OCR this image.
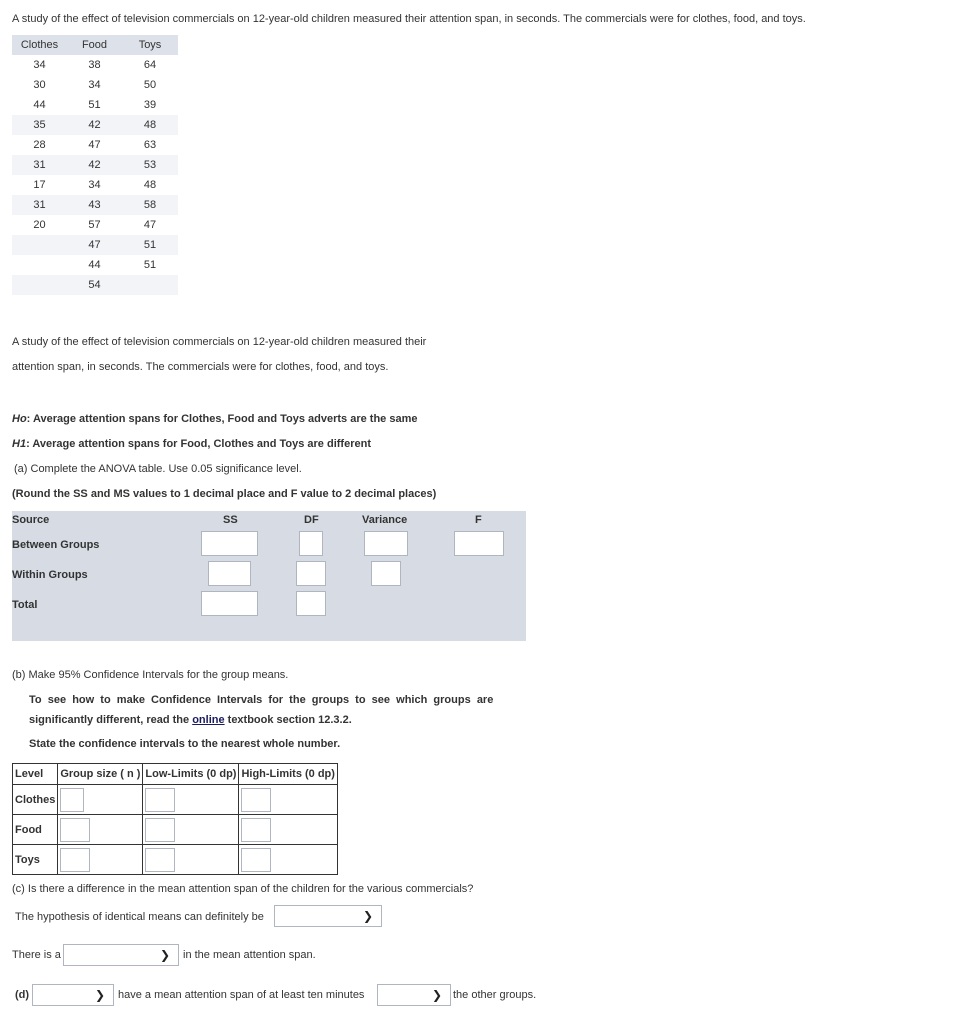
A study of the effect of television commercials on 12-year-old children measured their attention span, in seconds. The commercials were for clothes, food, and toys.
Clothes	Food	Toys
34	38	64
30	34	50
44	51	39
35	42	48
28	47	63
31	42	53
17	34	48
31	43	58
20	57	47
	47	51
	44	51
	54	
A study of the effect of television commercials on 12-year-old children measured their
attention span, in seconds. The commercials were for clothes, food, and toys.
Ho: Average attention spans for Clothes, Food and Toys adverts are the same
H1: Average attention spans for Food, Clothes and Toys are different
(a) Complete the ANOVA table. Use 0.05 significance level.
(Round the SS and MS values to 1 decimal place and F value to 2 decimal places)
Source	SS	DF	Variance	F
Between Groups
Within Groups
Total
(b) Make 95% Confidence Intervals for the group means.
To  see  how  to  make  Confidence  Intervals  for  the  groups  to  see  which  groups  are
significantly different, read the online textbook section 12.3.2.
State the confidence intervals to the nearest whole number.
Level	Group size ( n )	Low-Limits (0 dp)	High-Limits (0 dp)
Clothes			
Food			
Toys			
(c) Is there a difference in the mean attention span of the children for the various commercials?
The hypothesis of identical means can definitely be	❯
There is a	❯ in the mean attention span.
(d)	❯ have a mean attention span of at least ten minutes	❯ the other groups.
